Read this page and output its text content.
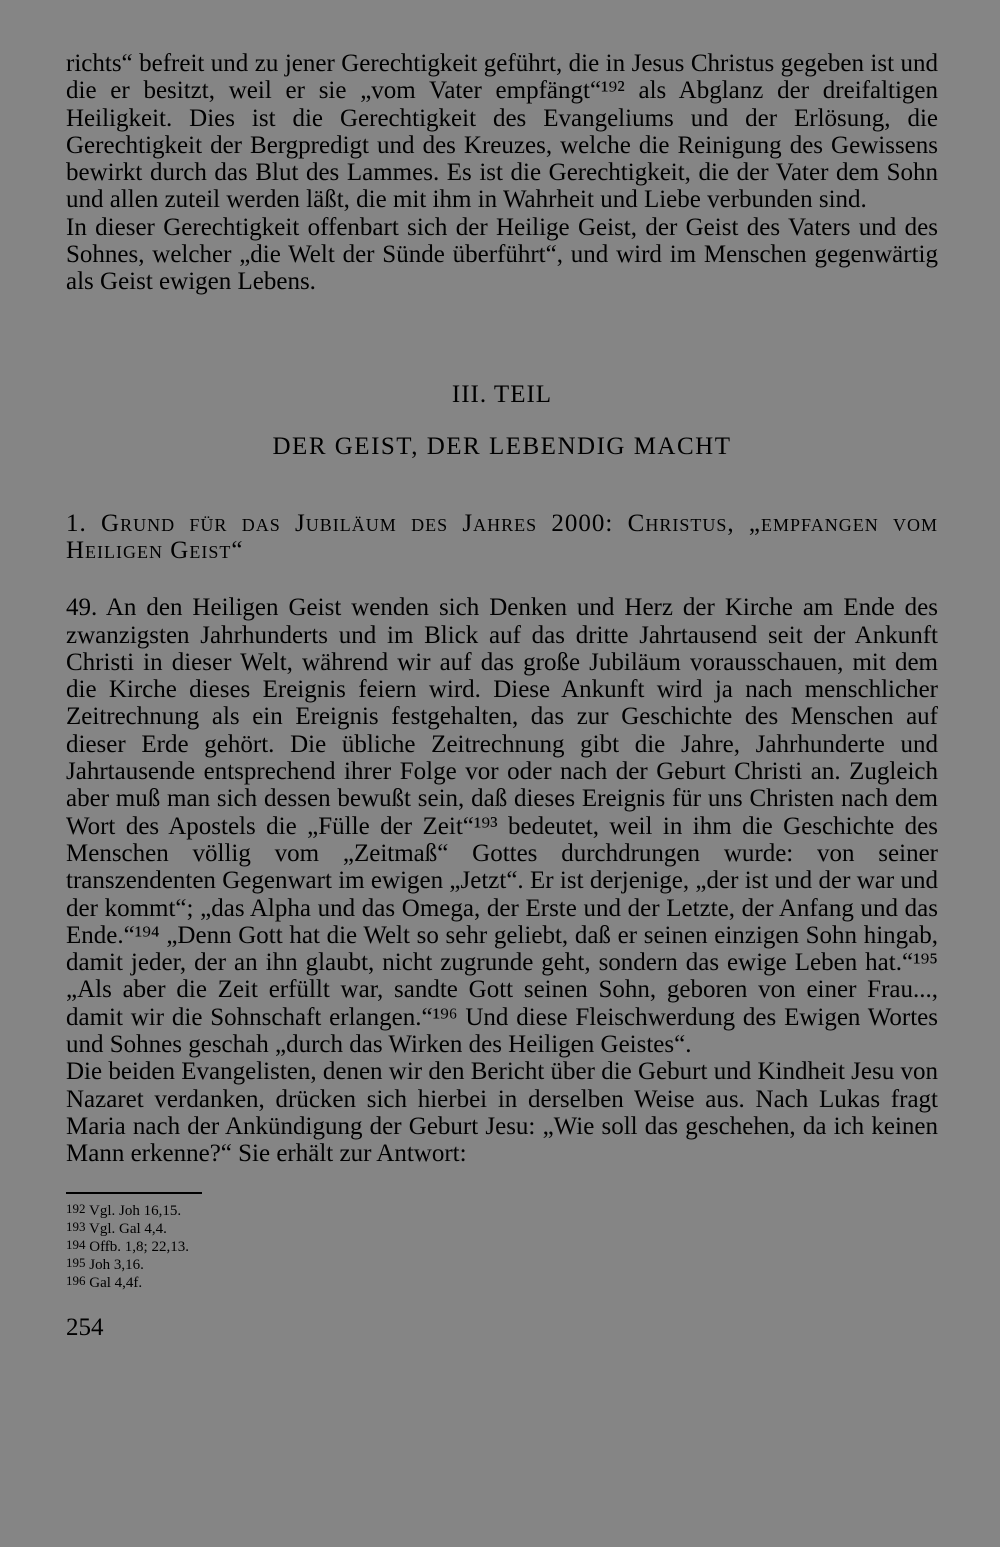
richts“ befreit und zu jener Gerechtigkeit geführt, die in Jesus Christus gegeben ist und die er besitzt, weil er sie „vom Vater empfängt“¹⁹² als Abglanz der dreifaltigen Heiligkeit. Dies ist die Gerechtigkeit des Evangeliums und der Erlösung, die Gerechtigkeit der Bergpredigt und des Kreuzes, welche die Reinigung des Gewissens bewirkt durch das Blut des Lammes. Es ist die Gerechtigkeit, die der Vater dem Sohn und allen zuteil werden läßt, die mit ihm in Wahrheit und Liebe verbunden sind.

In dieser Gerechtigkeit offenbart sich der Heilige Geist, der Geist des Vaters und des Sohnes, welcher „die Welt der Sünde überführt“, und wird im Menschen gegenwärtig als Geist ewigen Lebens.

III. TEIL

DER GEIST, DER LEBENDIG MACHT

1. Grund für das Jubiläum des Jahres 2000: Christus, „empfangen vom Heiligen Geist“

49. An den Heiligen Geist wenden sich Denken und Herz der Kirche am Ende des zwanzigsten Jahrhunderts und im Blick auf das dritte Jahrtausend seit der Ankunft Christi in dieser Welt, während wir auf das große Jubiläum vorausschauen, mit dem die Kirche dieses Ereignis feiern wird. Diese Ankunft wird ja nach menschlicher Zeitrechnung als ein Ereignis festgehalten, das zur Geschichte des Menschen auf dieser Erde gehört. Die übliche Zeitrechnung gibt die Jahre, Jahrhunderte und Jahrtausende entsprechend ihrer Folge vor oder nach der Geburt Christi an. Zugleich aber muß man sich dessen bewußt sein, daß dieses Ereignis für uns Christen nach dem Wort des Apostels die „Fülle der Zeit“¹⁹³ bedeutet, weil in ihm die Geschichte des Menschen völlig vom „Zeitmaß“ Gottes durchdrungen wurde: von seiner transzendenten Gegenwart im ewigen „Jetzt“. Er ist derjenige, „der ist und der war und der kommt“; „das Alpha und das Omega, der Erste und der Letzte, der Anfang und das Ende.“¹⁹⁴ „Denn Gott hat die Welt so sehr geliebt, daß er seinen einzigen Sohn hingab, damit jeder, der an ihn glaubt, nicht zugrunde geht, sondern das ewige Leben hat.“¹⁹⁵ „Als aber die Zeit erfüllt war, sandte Gott seinen Sohn, geboren von einer Frau..., damit wir die Sohnschaft erlangen.“¹⁹⁶ Und diese Fleischwerdung des Ewigen Wortes und Sohnes geschah „durch das Wirken des Heiligen Geistes“.

Die beiden Evangelisten, denen wir den Bericht über die Geburt und Kindheit Jesu von Nazaret verdanken, drücken sich hierbei in derselben Weise aus. Nach Lukas fragt Maria nach der Ankündigung der Geburt Jesu: „Wie soll das geschehen, da ich keinen Mann erkenne?“ Sie erhält zur Antwort:

192 Vgl. Joh 16,15.

193 Vgl. Gal 4,4.

194 Offb. 1,8; 22,13.

195 Joh 3,16.

196 Gal 4,4f.

254
